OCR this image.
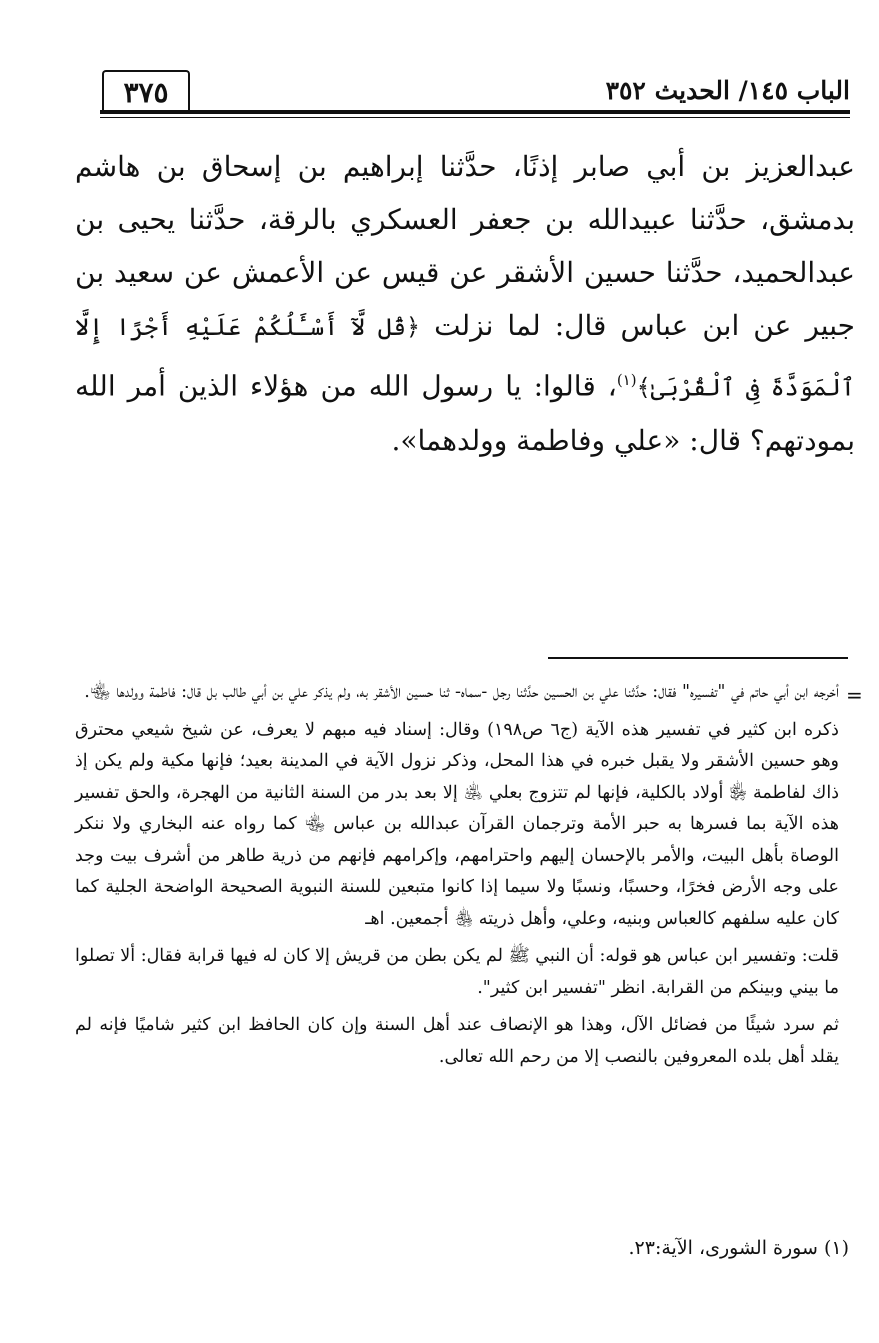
الباب ١٤٥/ الحديث ٣٥٢
٣٧٥

عبدالعزيز بن أبي صابر إذنًا، حدَّثنا إبراهيم بن إسحاق بن هاشم بدمشق، حدَّثنا عبيدالله بن جعفر العسكري بالرقة، حدَّثنا يحيى بن عبدالحميد، حدَّثنا حسين الأشقر عن قيس عن الأعمش عن سعيد بن جبير عن ابن عباس قال: لما نزلت ﴿قُل لَّآ أَسْـَٔلُكُمْ عَلَيْهِ أَجْرًا إِلَّا ٱلْمَوَدَّةَ فِى ٱلْقُرْبَىٰ﴾$^{(١)}$، قالوا: يا رسول الله من هؤلاء الذين أمر الله بمودتهم؟ قال: «علي وفاطمة وولدهما».

=

أخرجه ابن أبي حاتم في "تفسيره" فقال: حدَّثنا علي بن الحسين حدَّثنا رجل -سماه- ثنا حسين الأشقر به، ولم يذكر علي بن أبي طالب بل قال: فاطمة وولدها ﵄.

ذكره ابن كثير في تفسير هذه الآية (ج٦ ص١٩٨) وقال: إسناد فيه مبهم لا يعرف، عن شيخ شيعي محترق وهو حسين الأشقر ولا يقبل خبره في هذا المحل، وذكر نزول الآية في المدينة بعيد؛ فإنها مكية ولم يكن إذ ذاك لفاطمة ﵂ أولاد بالكلية، فإنها لم تتزوج بعلي ﵁ إلا بعد بدر من السنة الثانية من الهجرة، والحق تفسير هذه الآية بما فسرها به حبر الأمة وترجمان القرآن عبدالله بن عباس ﵄ كما رواه عنه البخاري ولا ننكر الوصاة بأهل البيت، والأمر بالإحسان إليهم واحترامهم، وإكرامهم فإنهم من ذرية طاهر من أشرف بيت وجد على وجه الأرض فخرًا، وحسبًا، ونسبًا ولا سيما إذا كانوا متبعين للسنة النبوية الصحيحة الواضحة الجلية كما كان عليه سلفهم كالعباس وبنيه، وعلي، وأهل ذريته ﵃ أجمعين. اهـ

قلت: وتفسير ابن عباس هو قوله: أن النبي ﷺ لم يكن بطن من قريش إلا كان له فيها قرابة فقال: ألا تصلوا ما بيني وبينكم من القرابة. انظر "تفسير ابن كثير".

ثم سرد شيئًا من فضائل الآل، وهذا هو الإنصاف عند أهل السنة وإن كان الحافظ ابن كثير شاميًا فإنه لم يقلد أهل بلده المعروفين بالنصب إلا من رحم الله تعالى.

(١) سورة الشورى، الآية:٢٣.
